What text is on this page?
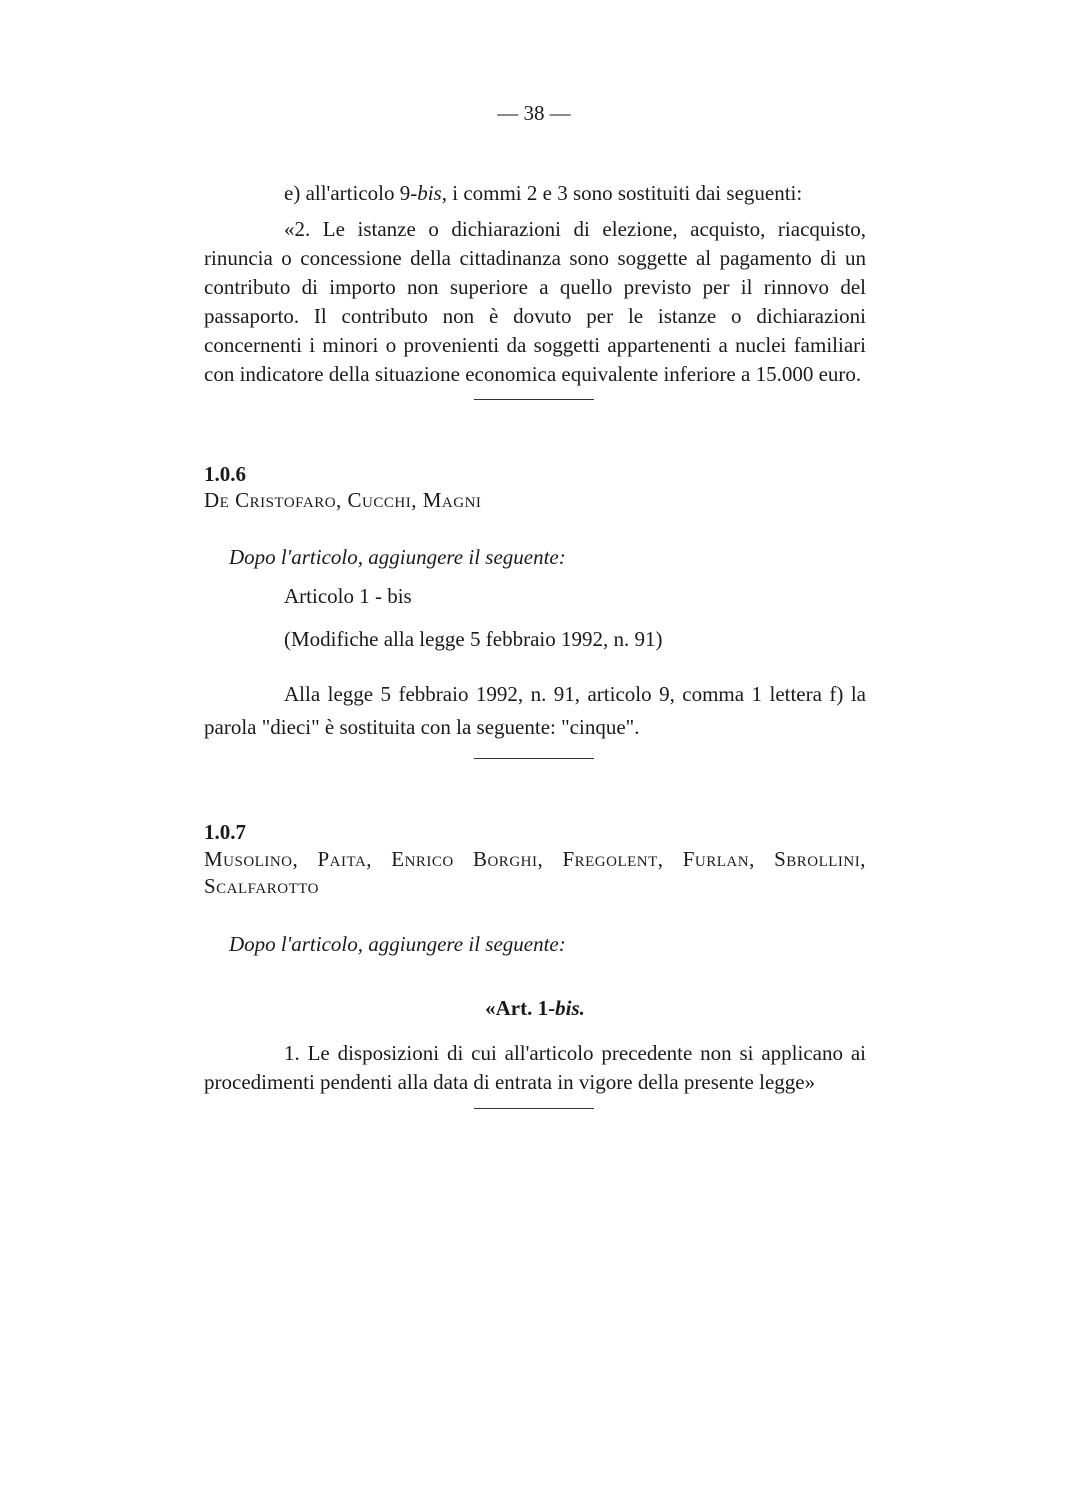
— 38 —
e) all'articolo 9-bis, i commi 2 e 3 sono sostituiti dai seguenti:
«2. Le istanze o dichiarazioni di elezione, acquisto, riacquisto, rinuncia o concessione della cittadinanza sono soggette al pagamento di un contributo di importo non superiore a quello previsto per il rinnovo del passaporto. Il contributo non è dovuto per le istanze o dichiarazioni concernenti i minori o provenienti da soggetti appartenenti a nuclei familiari con indicatore della situazione economica equivalente inferiore a 15.000 euro.
1.0.6
De Cristofaro, Cucchi, Magni
Dopo l'articolo, aggiungere il seguente:
Articolo 1 - bis
(Modifiche alla legge 5 febbraio 1992, n. 91)
Alla legge 5 febbraio 1992, n. 91, articolo 9, comma 1 lettera f) la parola "dieci" è sostituita con la seguente: "cinque".
1.0.7
Musolino, Paita, Enrico Borghi, Fregolent, Furlan, Sbrollini,
Scalfarotto
Dopo l'articolo, aggiungere il seguente:
«Art. 1-bis.
1. Le disposizioni di cui all'articolo precedente non si applicano ai procedimenti pendenti alla data di entrata in vigore della presente legge»
